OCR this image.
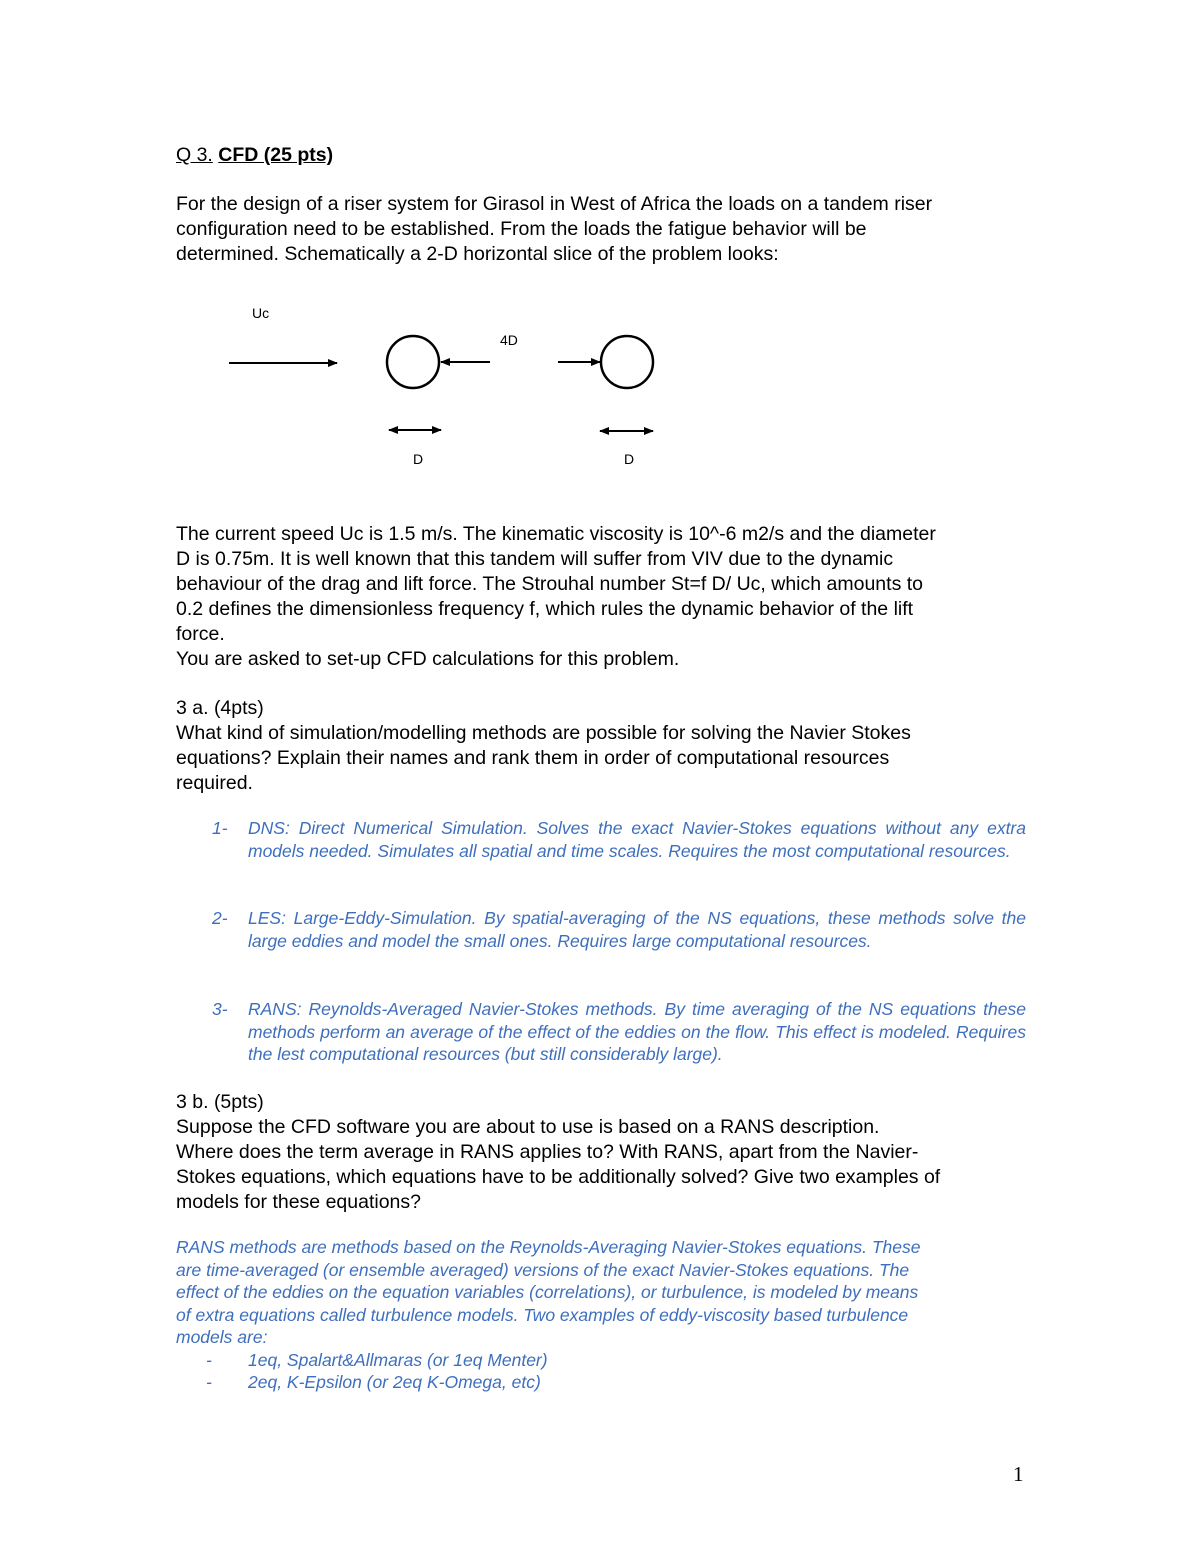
Q 3. CFD (25 pts)

For the design of a riser system for Girasol in West of Africa the loads on a tandem riser

configuration need to be established. From the loads the fatigue behavior will be

determined. Schematically a 2-D horizontal slice of the problem looks:

Uc
4D
D	D

The current speed Uc is 1.5 m/s. The kinematic viscosity is 10^-6 m2/s and the diameter

D is 0.75m. It is well known that this tandem will suffer from VIV due to the dynamic

behaviour of the drag and lift force. The Strouhal number St=f D/ Uc, which amounts to

0.2 defines the dimensionless frequency f, which rules the dynamic behavior of the lift

force.

You are asked to set-up CFD calculations for this problem.

3 a. (4pts)

What kind of simulation/modelling methods are possible for solving the Navier Stokes

equations? Explain their names and rank them in order of computational resources

required.

1- DNS: Direct Numerical Simulation. Solves the exact Navier-Stokes equations without any extra models needed. Simulates all spatial and time scales. Requires the most computational resources.

2- LES: Large-Eddy-Simulation. By spatial-averaging of the NS equations, these methods solve the large eddies and model the small ones. Requires large computational resources.

3- RANS: Reynolds-Averaged Navier-Stokes methods. By time averaging of the NS equations these methods perform an average of the effect of the eddies on the flow. This effect is modeled. Requires the lest computational resources (but still considerably large).

3 b. (5pts)

Suppose the CFD software you are about to use is based on a RANS description.

Where does the term average in RANS applies to? With RANS, apart from the Navier-

Stokes equations, which equations have to be additionally solved? Give two examples of

models for these equations?

RANS methods are methods based on the Reynolds-Averaging Navier-Stokes equations. These
are time-averaged (or ensemble averaged) versions of the exact Navier-Stokes equations. The
effect of the eddies on the equation variables (correlations), or turbulence, is modeled by means
of extra equations called turbulence models. Two examples of eddy-viscosity based turbulence
models are:
- 1eq, Spalart&Allmaras (or 1eq Menter)
- 2eq, K-Epsilon (or 2eq K-Omega, etc)
1
